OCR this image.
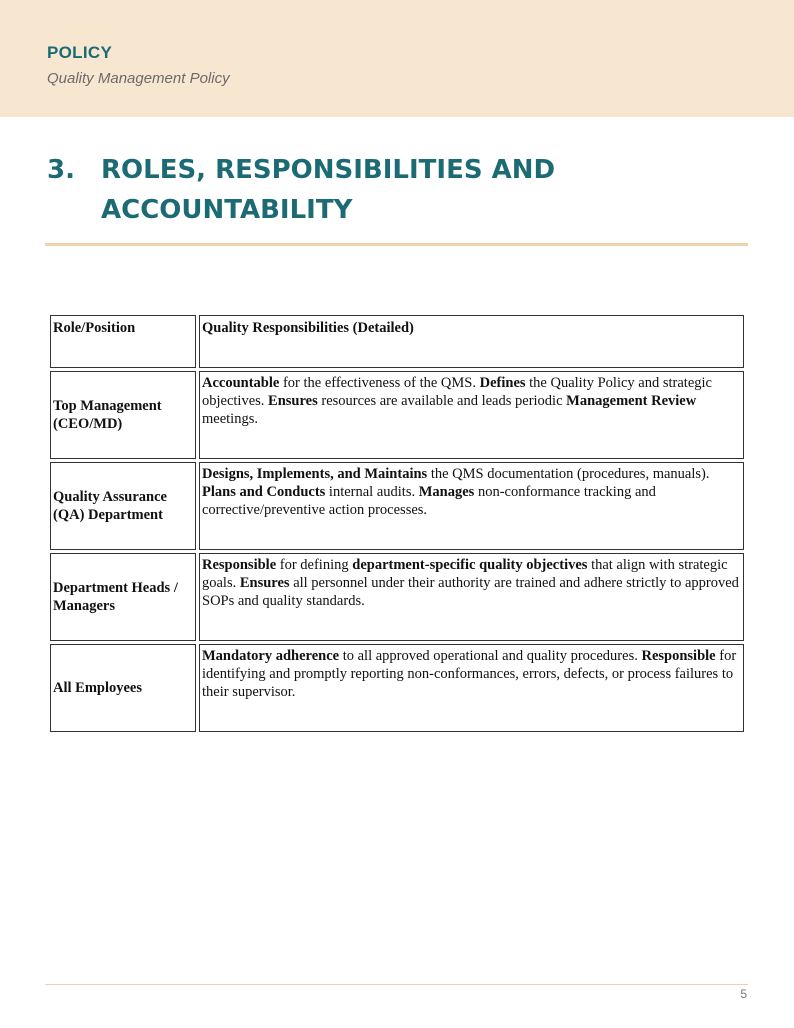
POLICY
Quality Management Policy
3. ROLES, RESPONSIBILITIES AND
ACCOUNTABILITY
Role/Position	Quality Responsibilities (Detailed)
Top Management (CEO/MD)	Accountable for the effectiveness of the QMS. Defines the Quality Policy and strategic objectives. Ensures resources are available and leads periodic Management Review meetings.
Quality Assurance (QA) Department	Designs, Implements, and Maintains the QMS documentation (procedures, manuals). Plans and Conducts internal audits. Manages non-conformance tracking and corrective/preventive action processes.
Department Heads / Managers	Responsible for defining department-specific quality objectives that align with strategic goals. Ensures all personnel under their authority are trained and adhere strictly to approved SOPs and quality standards.
All Employees	Mandatory adherence to all approved operational and quality procedures. Responsible for identifying and promptly reporting non-conformances, errors, defects, or process failures to their supervisor.
5
